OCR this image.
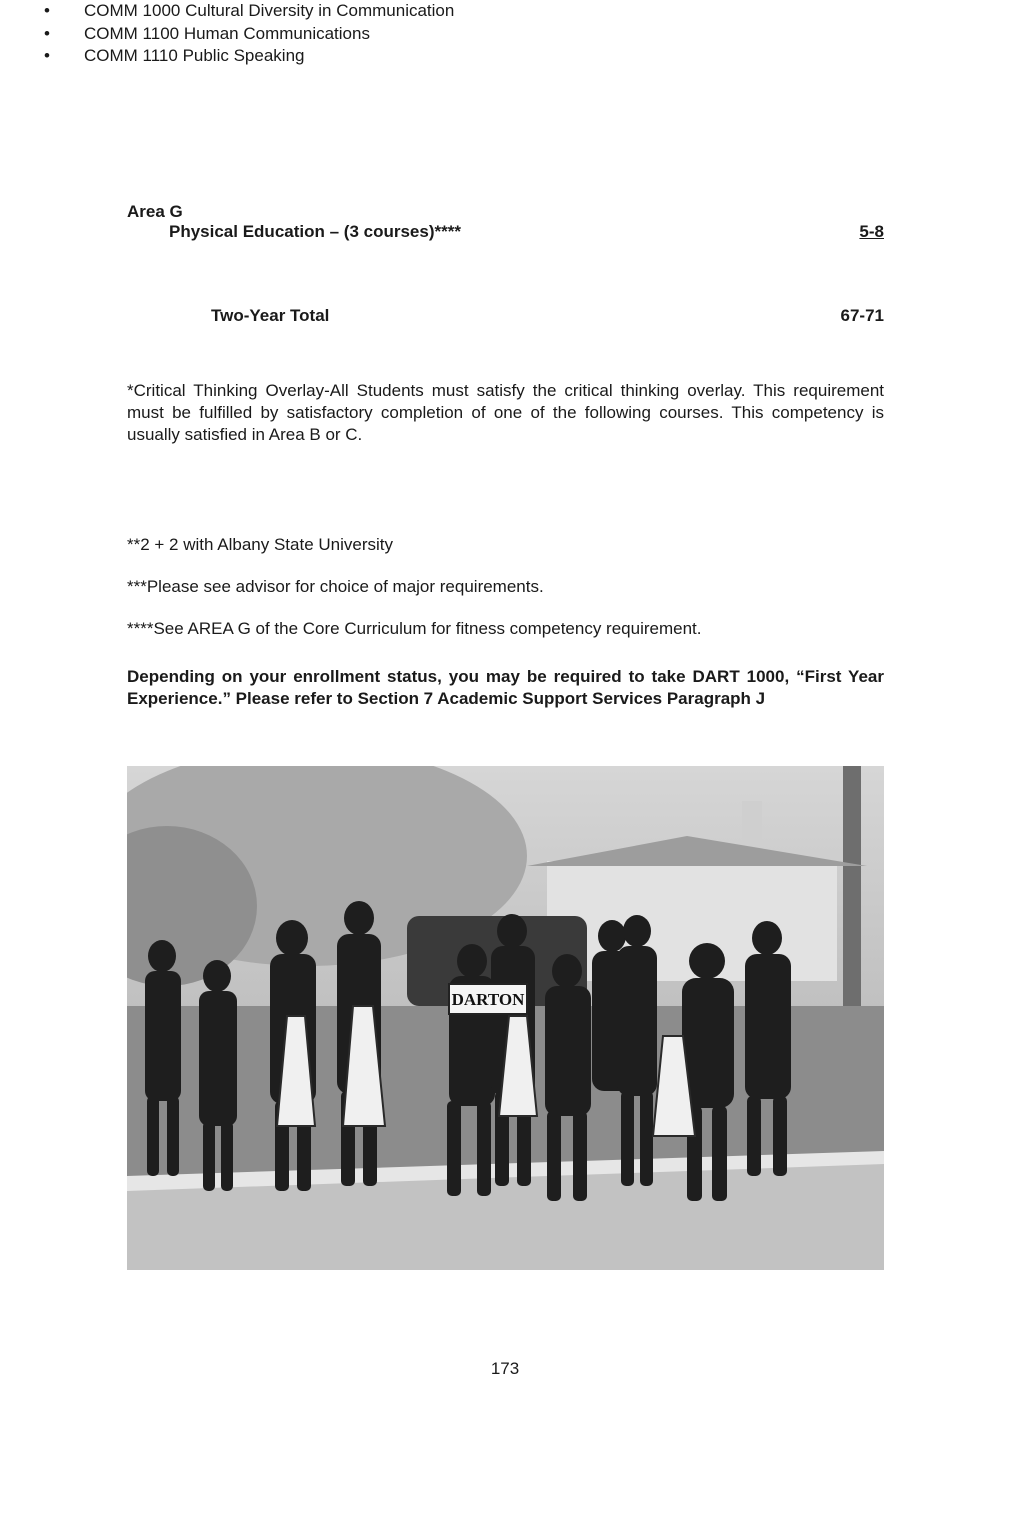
Area G
Physical Education – (3 courses)****	5-8
Two-Year Total	67-71
*Critical Thinking Overlay-All Students must satisfy the critical thinking overlay. This requirement must be fulfilled by satisfactory completion of one of the following courses. This competency is usually satisfied in Area B or C.
• COMM 1000 Cultural Diversity in Communication
• COMM 1100 Human Communications
• COMM 1110 Public Speaking
**2 + 2 with Albany State University
***Please see advisor for choice of major requirements.
****See AREA G of the Core Curriculum for fitness competency requirement.
Depending on your enrollment status, you may be required to take DART 1000, “First Year Experience.” Please refer to Section 7 Academic Support Services Paragraph J
DARTON
173
